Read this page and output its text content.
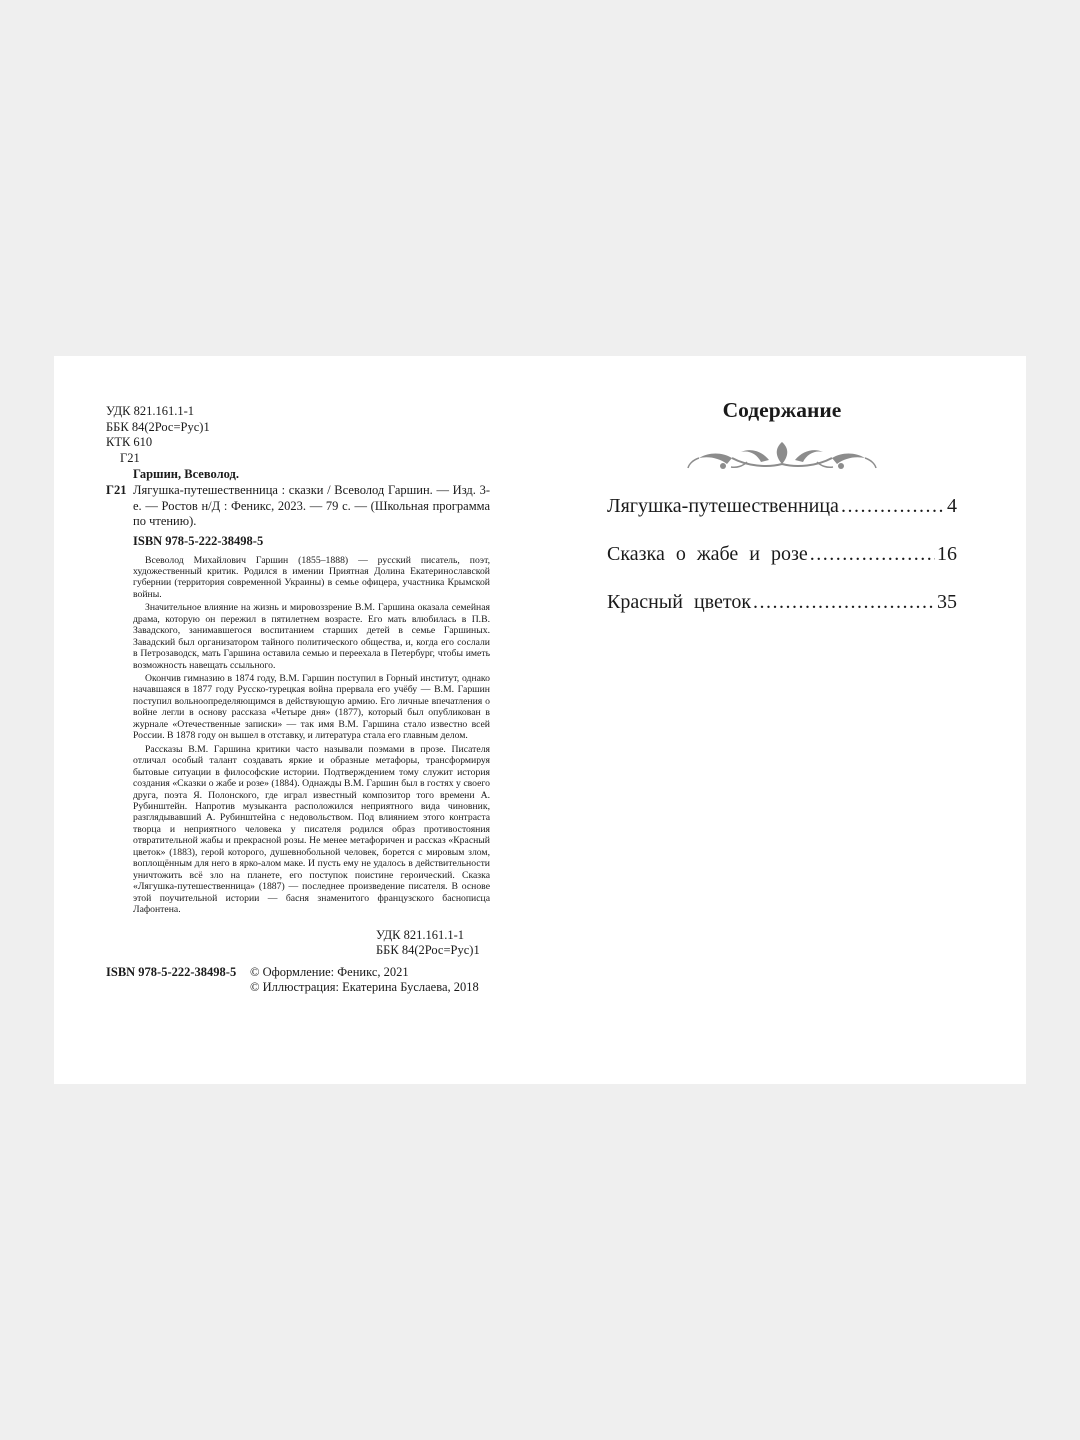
УДК 821.161.1-1
ББК 84(2Рос=Рус)1
КТК 610
Г21
Гаршин, Всеволод.
Г21 Лягушка-путешественница : сказки / Всеволод Гаршин. — Изд. 3-е. — Ростов н/Д : Феникс, 2023. — 79 с. — (Школьная программа по чтению).
ISBN 978-5-222-38498-5

Всеволод Михайлович Гаршин (1855–1888) — русский писатель, поэт, художественный критик. Родился в имении Приятная Долина Екатеринославской губернии (территория современной Украины) в семье офицера, участника Крымской войны.

Значительное влияние на жизнь и мировоззрение В.М. Гаршина оказала семейная драма, которую он пережил в пятилетнем возрасте. Его мать влюбилась в П.В. Завадского, занимавшегося воспитанием старших детей в семье Гаршиных. Завадский был организатором тайного политического общества, и, когда его сослали в Петрозаводск, мать Гаршина оставила семью и переехала в Петербург, чтобы иметь возможность навещать ссыльного.

Окончив гимназию в 1874 году, В.М. Гаршин поступил в Горный институт, однако начавшаяся в 1877 году Русско-турецкая война прервала его учёбу — В.М. Гаршин поступил вольноопределяющимся в действующую армию. Его личные впечатления о войне легли в основу рассказа «Четыре дня» (1877), который был опубликован в журнале «Отечественные записки» — так имя В.М. Гаршина стало известно всей России. В 1878 году он вышел в отставку, и литература стала его главным делом.

Рассказы В.М. Гаршина критики часто называли поэмами в прозе. Писателя отличал особый талант создавать яркие и образные метафоры, трансформируя бытовые ситуации в философские истории. Подтверждением тому служит история создания «Сказки о жабе и розе» (1884). Однажды В.М. Гаршин был в гостях у своего друга, поэта Я. Полонского, где играл известный композитор того времени А. Рубинштейн. Напротив музыканта расположился неприятного вида чиновник, разглядывавший А. Рубинштейна с недовольством. Под влиянием этого контраста творца и неприятного человека у писателя родился образ противостояния отвратительной жабы и прекрасной розы. Не менее метафоричен и рассказ «Красный цветок» (1883), герой которого, душевнобольной человек, борется с мировым злом, воплощённым для него в ярко-алом маке. И пусть ему не удалось в действительности уничтожить всё зло на планете, его поступок поистине героический. Сказка «Лягушка-путешественница» (1887) — последнее произведение писателя. В основе этой поучительной истории — басня знаменитого французского баснописца Лафонтена.

УДК 821.161.1-1
ББК 84(2Рос=Рус)1
ISBN 978-5-222-38498-5 © Оформление: Феникс, 2021
© Иллюстрация: Екатерина Буслаева, 2018
Содержание
Лягушка-путешественница .....	4
Сказка о жабе и розе .....	16
Красный цветок .....	35
